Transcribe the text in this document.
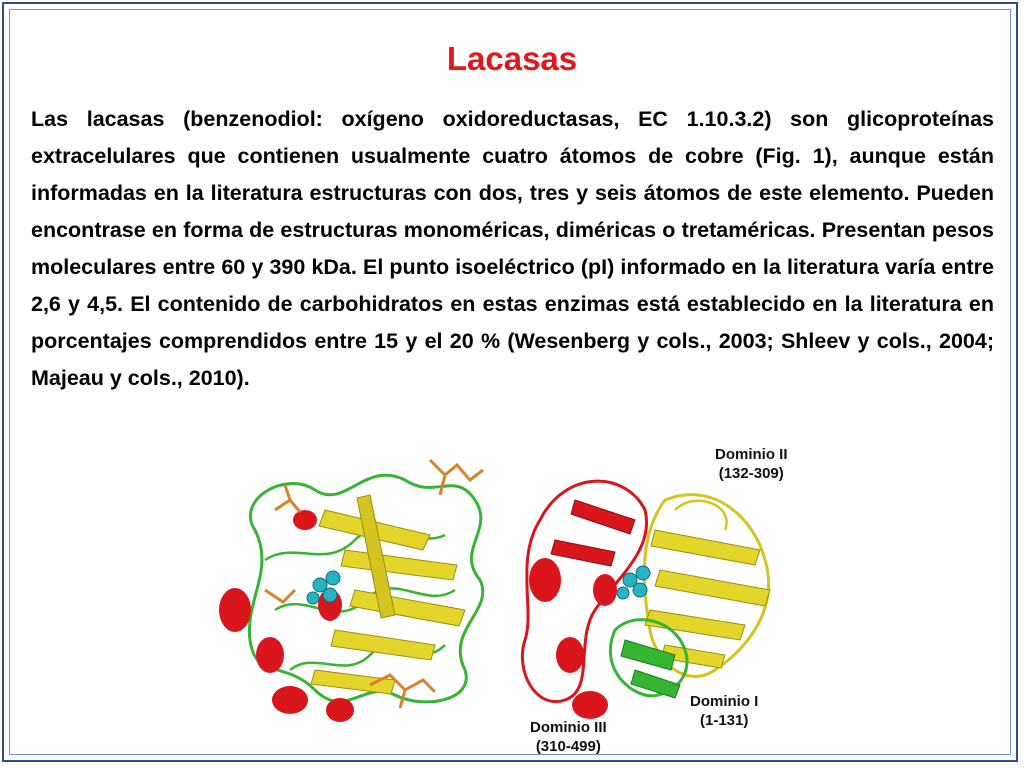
Lacasas

Las lacasas (benzenodiol: oxígeno oxidoreductasas, EC 1.10.3.2) son glicoproteínas extracelulares que contienen usualmente cuatro átomos de cobre (Fig. 1), aunque están informadas en la literatura estructuras con dos, tres y seis átomos de este elemento. Pueden encontrase en forma de estructuras monoméricas, diméricas o tretaméricas. Presentan pesos moleculares entre 60 y 390 kDa. El punto isoeléctrico (pI) informado en la literatura varía entre 2,6 y 4,5. El contenido de carbohidratos en estas enzimas está establecido en la literatura en porcentajes comprendidos entre 15 y el 20 % (Wesenberg y cols., 2003; Shleev y cols., 2004; Majeau y cols., 2010).

Dominio II
(132-309)
Dominio I
(1-131)
Dominio III
(310-499)
